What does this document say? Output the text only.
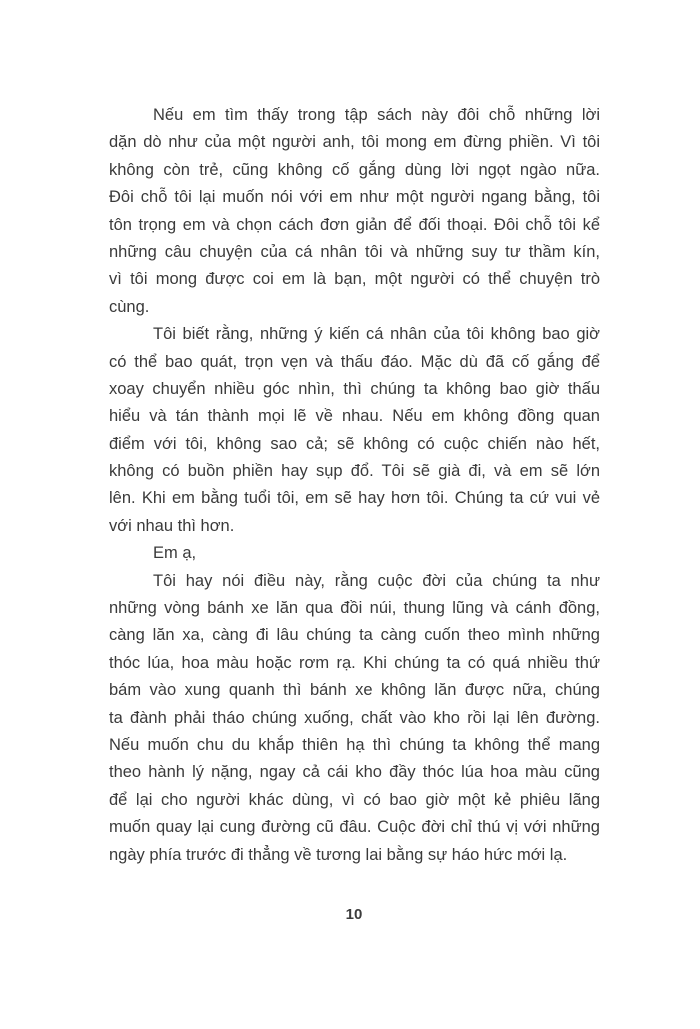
Nếu em tìm thấy trong tập sách này đôi chỗ những lời
dặn dò như của một người anh, tôi mong em đừng phiền. Vì tôi
không còn trẻ, cũng không cố gắng dùng lời ngọt ngào nữa.
Đôi chỗ tôi lại muốn nói với em như một người ngang bằng, tôi
tôn trọng em và chọn cách đơn giản để đối thoại. Đôi chỗ tôi kể
những câu chuyện của cá nhân tôi và những suy tư thầm kín,
vì tôi mong được coi em là bạn, một người có thể chuyện trò
cùng.
Tôi biết rằng, những ý kiến cá nhân của tôi không bao giờ
có thể bao quát, trọn vẹn và thấu đáo. Mặc dù đã cố gắng để
xoay chuyển nhiều góc nhìn, thì chúng ta không bao giờ thấu
hiểu và tán thành mọi lẽ về nhau. Nếu em không đồng quan
điểm với tôi, không sao cả; sẽ không có cuộc chiến nào hết,
không có buồn phiền hay sụp đổ. Tôi sẽ già đi, và em sẽ lớn
lên. Khi em bằng tuổi tôi, em sẽ hay hơn tôi. Chúng ta cứ vui vẻ
với nhau thì hơn.
Em ạ,
Tôi hay nói điều này, rằng cuộc đời của chúng ta như
những vòng bánh xe lăn qua đồi núi, thung lũng và cánh đồng,
càng lăn xa, càng đi lâu chúng ta càng cuốn theo mình những
thóc lúa, hoa màu hoặc rơm rạ. Khi chúng ta có quá nhiều thứ
bám vào xung quanh thì bánh xe không lăn được nữa, chúng
ta đành phải tháo chúng xuống, chất vào kho rồi lại lên đường.
Nếu muốn chu du khắp thiên hạ thì chúng ta không thể mang
theo hành lý nặng, ngay cả cái kho đầy thóc lúa hoa màu cũng
để lại cho người khác dùng, vì có bao giờ một kẻ phiêu lãng
muốn quay lại cung đường cũ đâu. Cuộc đời chỉ thú vị với những
ngày phía trước đi thẳng về tương lai bằng sự háo hức mới lạ.
10
